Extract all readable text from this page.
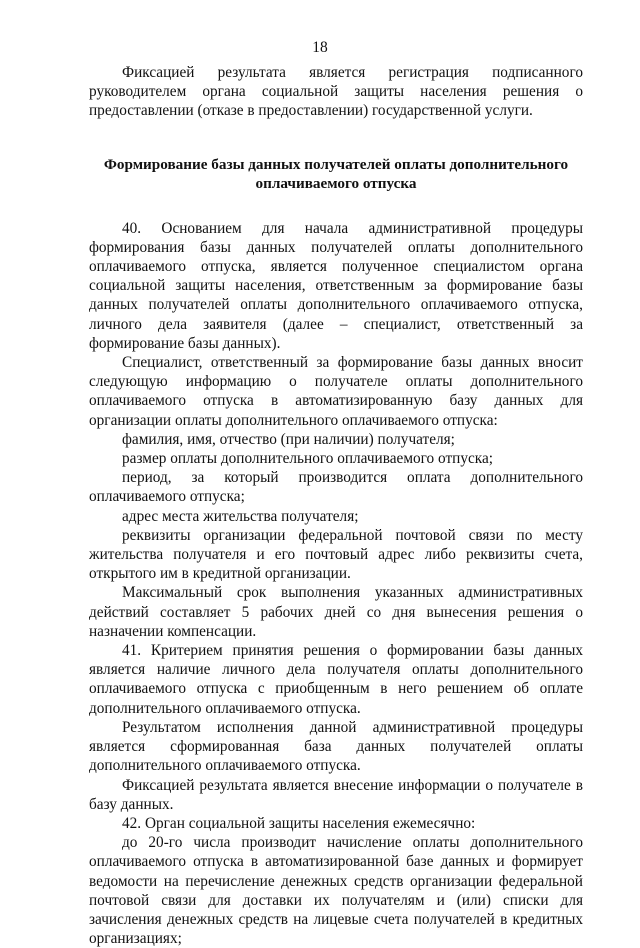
18

Фиксацией результата является регистрация подписанного руководителем органа социальной защиты населения решения о предоставлении (отказе в предоставлении) государственной услуги.

Формирование базы данных получателей оплаты дополнительного оплачиваемого отпуска

40. Основанием для начала административной процедуры формирования базы данных получателей оплаты дополнительного оплачиваемого отпуска, является полученное специалистом органа социальной защиты населения, ответственным за формирование базы данных получателей оплаты дополнительного оплачиваемого отпуска, личного дела заявителя (далее – специалист, ответственный за формирование базы данных).

Специалист, ответственный за формирование базы данных вносит следующую информацию о получателе оплаты дополнительного оплачиваемого отпуска в автоматизированную базу данных для организации оплаты дополнительного оплачиваемого отпуска:

фамилия, имя, отчество (при наличии) получателя;

размер оплаты дополнительного оплачиваемого отпуска;

период, за который производится оплата дополнительного оплачиваемого отпуска;

адрес места жительства получателя;

реквизиты организации федеральной почтовой связи по месту жительства получателя и его почтовый адрес либо реквизиты счета, открытого им в кредитной организации.

Максимальный срок выполнения указанных административных действий составляет 5 рабочих дней со дня вынесения решения о назначении компенсации.

41. Критерием принятия решения о формировании базы данных является наличие личного дела получателя оплаты дополнительного оплачиваемого отпуска с приобщенным в него решением об оплате дополнительного оплачиваемого отпуска.

Результатом исполнения данной административной процедуры является сформированная база данных получателей оплаты дополнительного оплачиваемого отпуска.

Фиксацией результата является внесение информации о получателе в базу данных.

42. Орган социальной защиты населения ежемесячно:

до 20-го числа производит начисление оплаты дополнительного оплачиваемого отпуска в автоматизированной базе данных и формирует ведомости на перечисление денежных средств организации федеральной почтовой связи для доставки их получателям и (или) списки для зачисления денежных средств на лицевые счета получателей в кредитных организациях;
